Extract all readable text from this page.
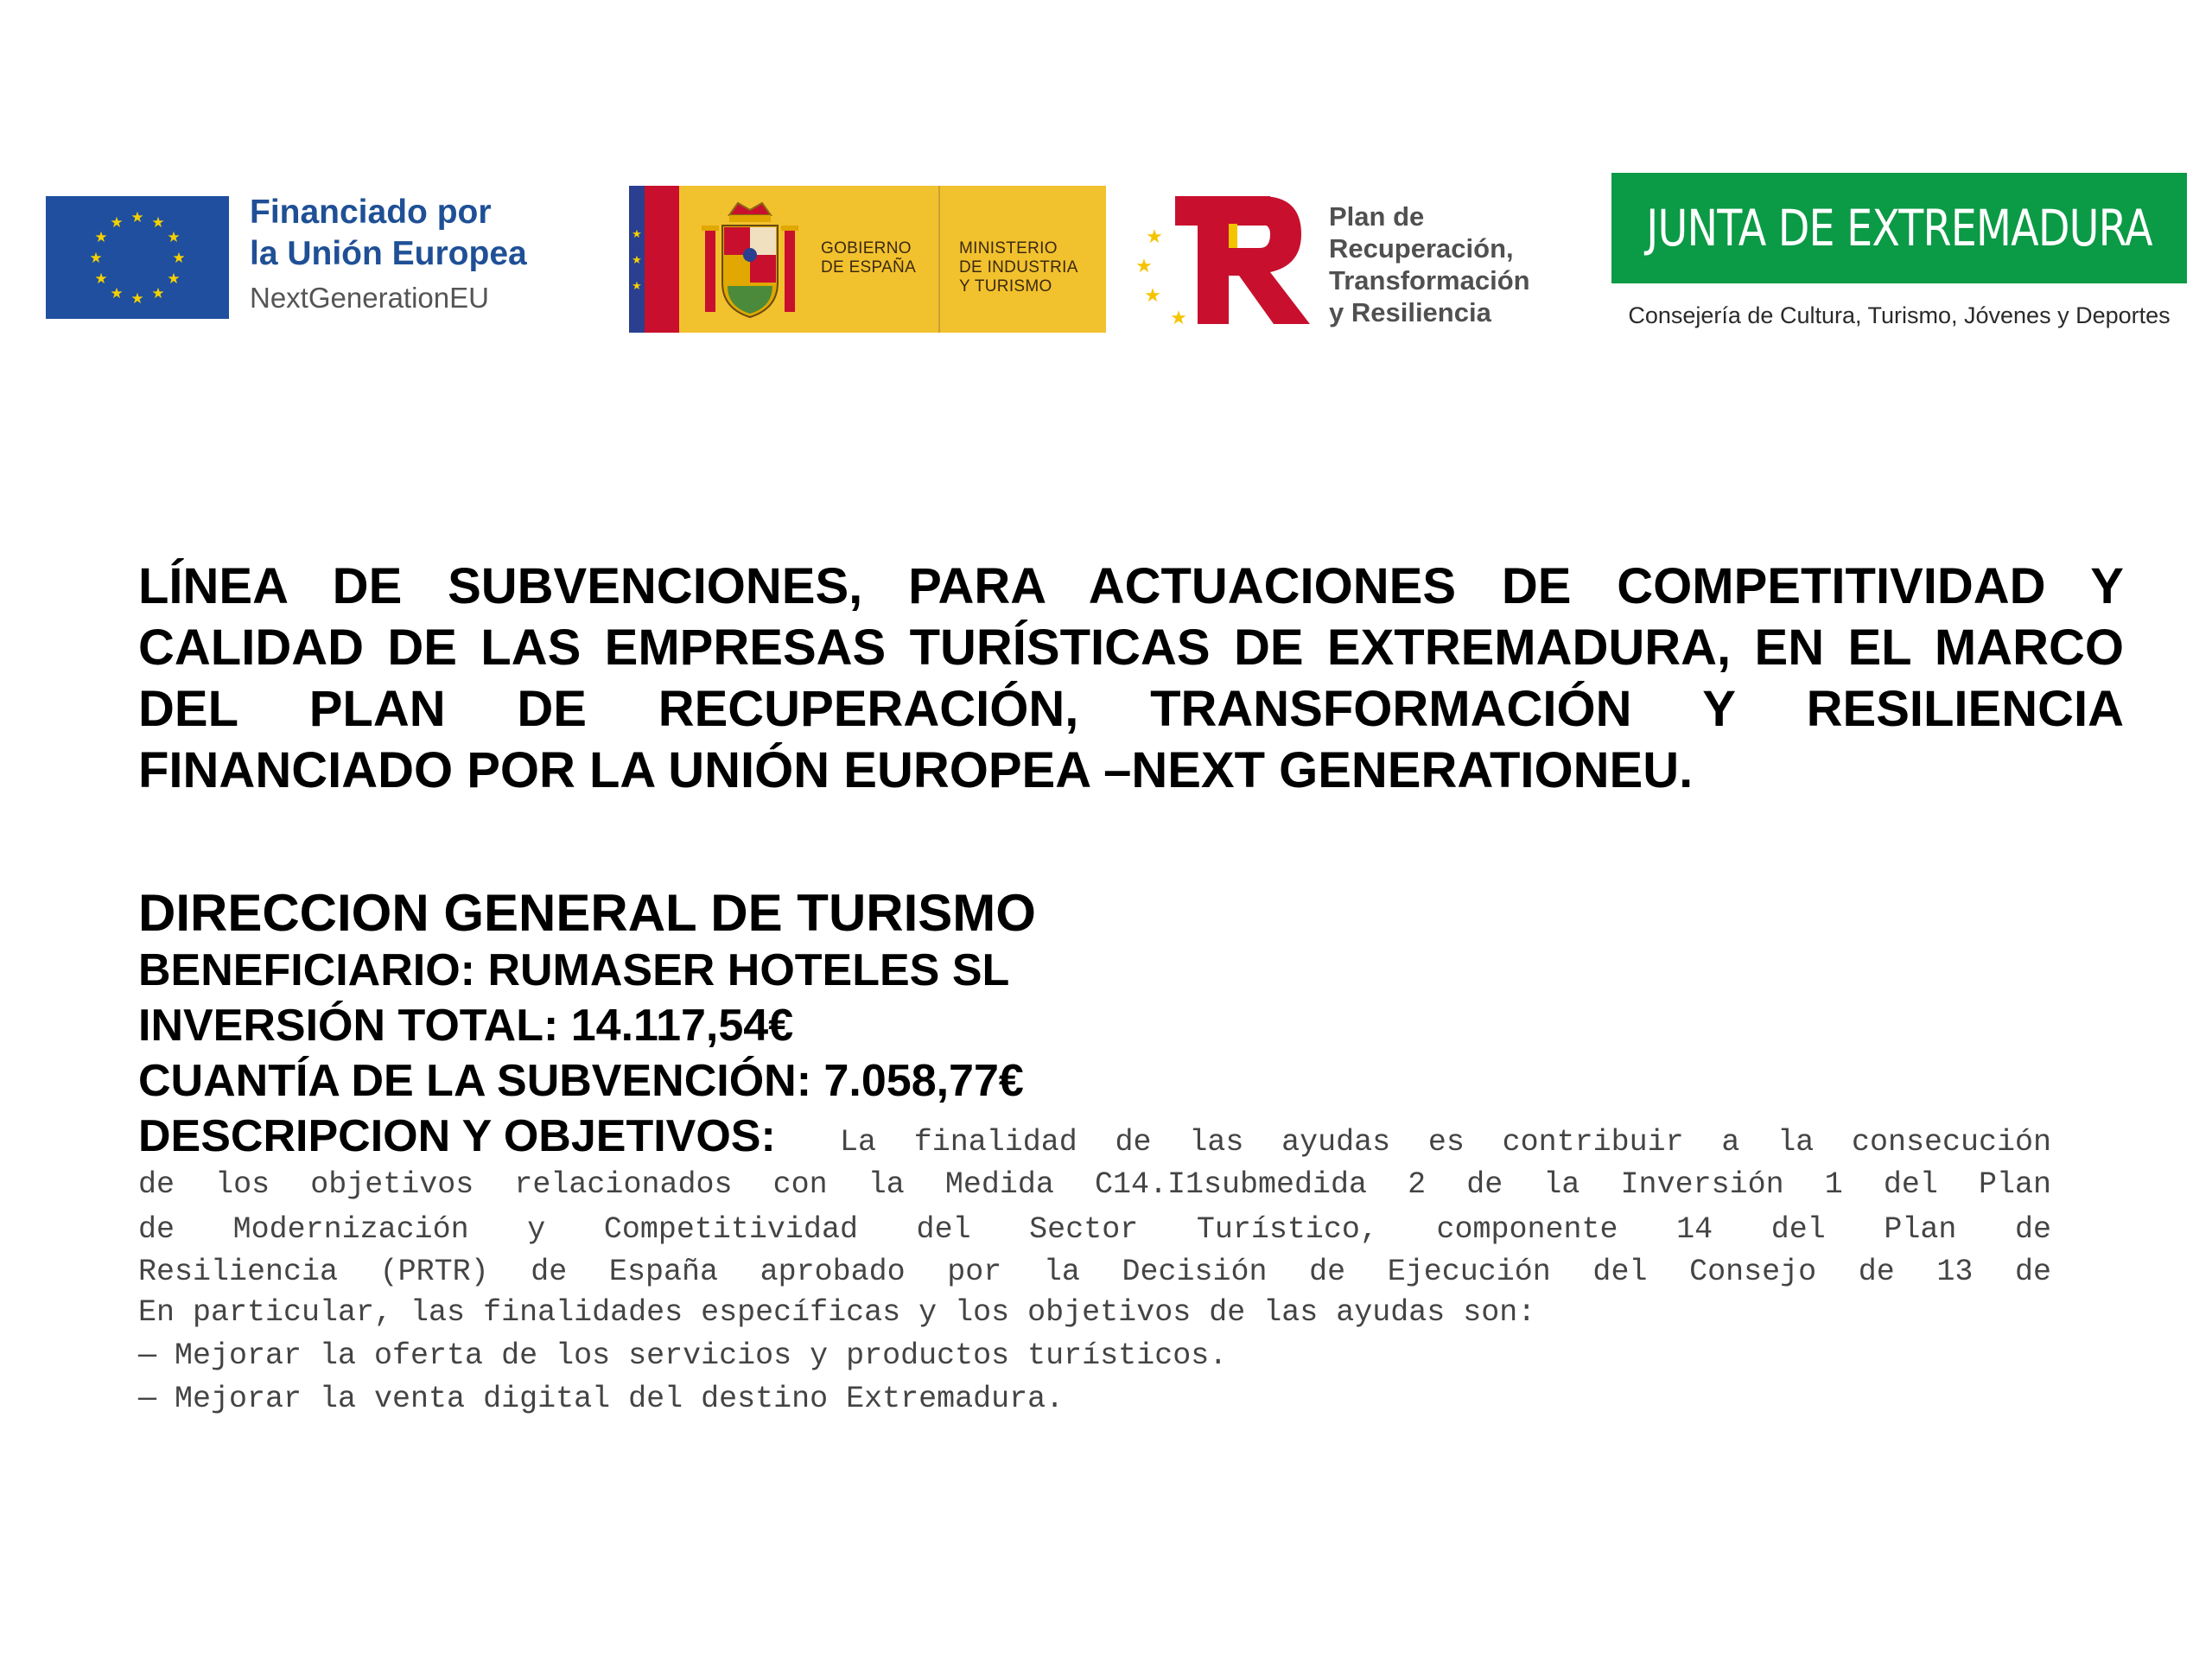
★ ★
★
★
★
★
★
★
★
★
★
★	Financiado por
la Unión Europea
NextGenerationEU
★
★
★
GOBIERNO
DE ESPAÑA
MINISTERIO
DE INDUSTRIA
Y TURISMO
★
★
★
★
Plan de
Recuperación,
Transformación
y Resiliencia
JUNTA DE EXTREMADURA
Consejería de Cultura, Turismo, Jóvenes y Deportes
LÍNEA DE SUBVENCIONES, PARA ACTUACIONES DE COMPETITIVIDAD Y
CALIDAD DE LAS EMPRESAS TURÍSTICAS DE EXTREMADURA, EN EL MARCO
DEL PLAN DE RECUPERACIÓN, TRANSFORMACIÓN Y RESILIENCIA
FINANCIADO POR LA UNIÓN EUROPEA –NEXT GENERATIONEU.
DIRECCION GENERAL DE TURISMO
BENEFICIARIO: RUMASER HOTELES SL
INVERSIÓN TOTAL: 14.117,54€
CUANTÍA DE LA SUBVENCIÓN: 7.058,77€
DESCRIPCION Y OBJETIVOS: La finalidad de las ayudas es contribuir a la consecución
de los objetivos relacionados con la Medida C14.I1submedida 2 de la Inversión 1 del Plan
de Modernización y Competitividad del Sector Turístico, componente 14 del Plan de
Resiliencia (PRTR) de España aprobado por la Decisión de Ejecución del Consejo de 13 de
En particular, las finalidades específicas y los objetivos de las ayudas son:
— Mejorar la oferta de los servicios y productos turísticos.
— Mejorar la venta digital del destino Extremadura.
